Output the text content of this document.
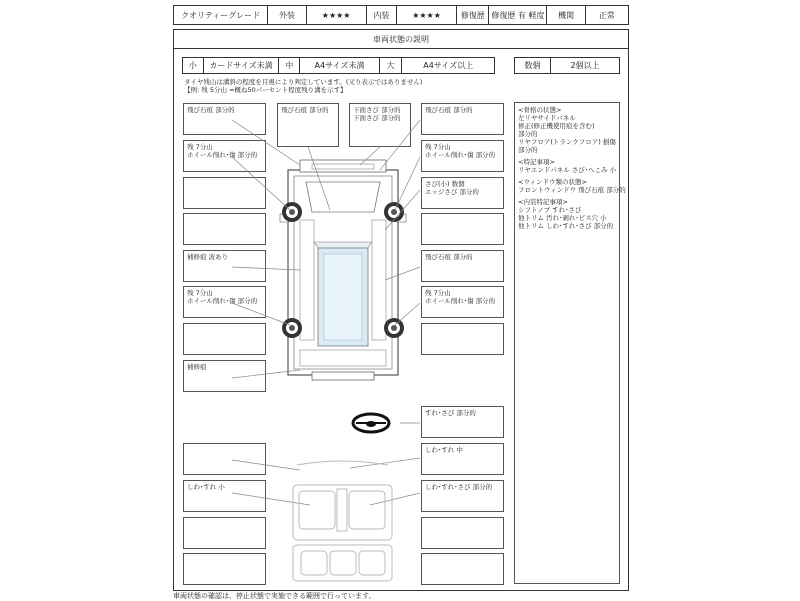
クオリティーグレード	外装	★★★★	内装	★★★★	修復歴 修復歴 有 軽度	機関	正常
車両状態の説明
小	カードサイズ未満	中	A4サイズ未満	大	A4サイズ以上	数個	2個以上
タイヤ残山は溝斜の程度を目視により判定しています。(又り表示ではありません)
【例: 残 5分山 =概ね50パーセント程度残り溝を示す】
<骨格の状態>
左リヤサイドパネル
修正(修正機使用痕を含む)
部分的
リヤフロア(トランクフロア) 損傷
部分的
<特記事項>
リヤエンドパネル さび･へこみ 小
<ウィンドウ類の状態>
フロントウィンドウ 飛び石痕 部分的
<内装特記事項>
シフトノブ すれ･さび
他トリム 汚れ･剥れ･ビス穴 小
他トリム しわ･すれ･さび 部分的
飛び石痕 部分的
残 7分山
ホイール削れ･傷 部分的
補修痕 波あり
残 7分山
ホイール削れ･傷 部分的
補修痕
飛び石痕 部分的
残 7分山
ホイール削れ･傷 部分的
さび(小) 数個
エッジさび 部分的
飛び石痕 部分的
残 7分山
ホイール削れ･傷 部分的
すれ･さび 部分的
しわ･すれ 中
しわ･すれ･さび 部分的
しわ･すれ 小
飛び石痕 部分的	下面さび 部分的
下面さび 部分的
車両状態の確認は、停止状態で実施できる範囲で行っています。
